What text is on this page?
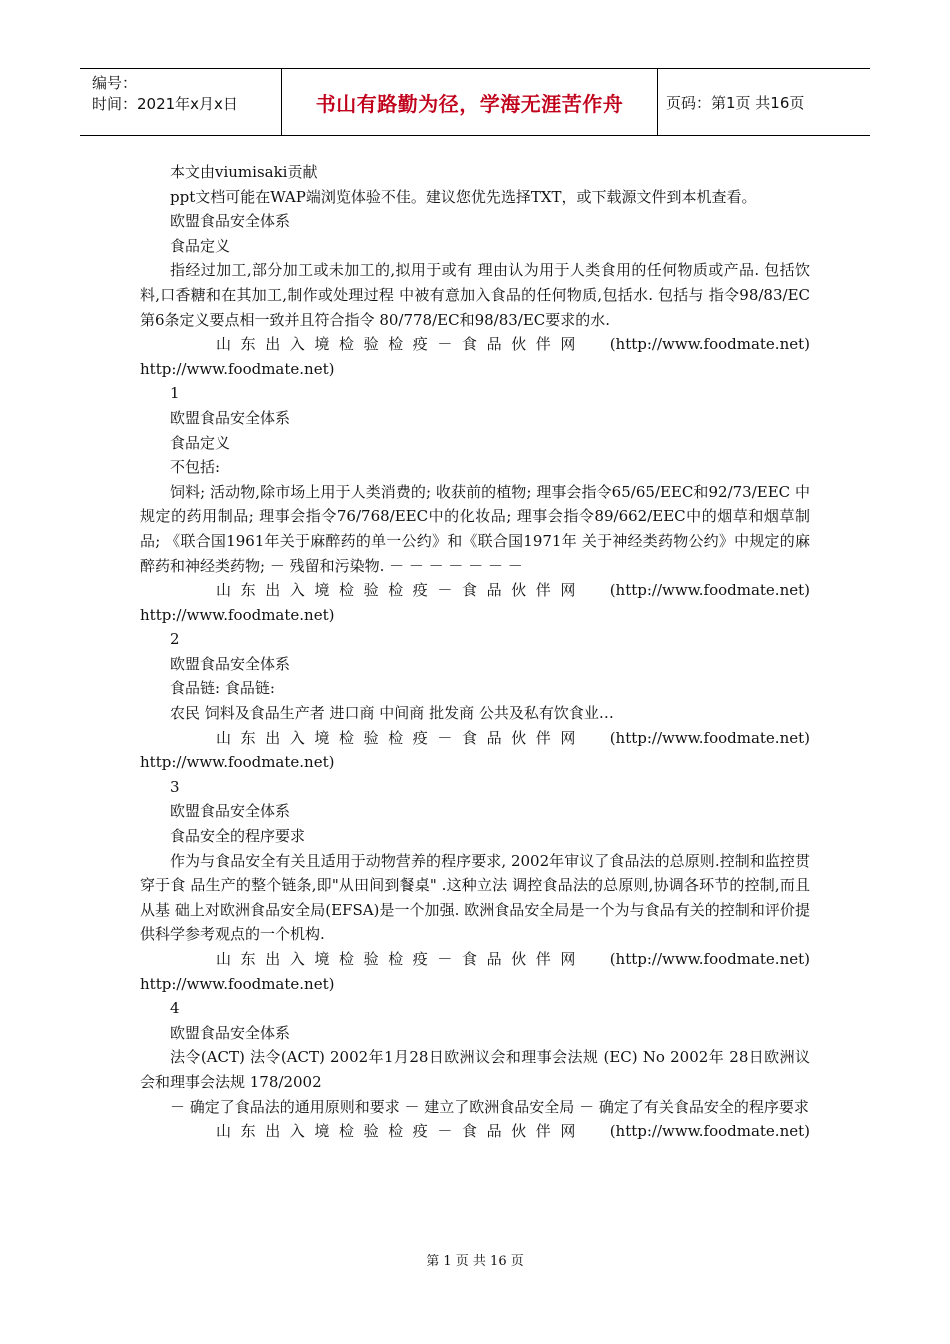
编号：
时间：2021年x月x日	书山有路勤为径，学海无涯苦作舟	页码：第1页 共16页

本文由viumisaki贡献

ppt文档可能在WAP端浏览体验不佳。建议您优先选择TXT，或下载源文件到本机查看。

欧盟食品安全体系

食品定义

指经过加工,部分加工或未加工的,拟用于或有 理由认为用于人类食用的任何物质或产品. 包括饮料,口香糖和在其加工,制作或处理过程 中被有意加入食品的任何物质,包括水. 包括与 指令98/83/EC第6条定义要点相一致并且符合指令 80/778/EC和98/83/EC要求的水.

山东出入境检验检疫－食品伙伴网 (http://www.foodmate.net)

http://www.foodmate.net)

1

欧盟食品安全体系

食品定义

不包括:

饲料; 活动物,除市场上用于人类消费的; 收获前的植物; 理事会指令65/65/EEC和92/73/EEC 中规定的药用制品; 理事会指令76/768/EEC中的化妆品; 理事会指令89/662/EEC中的烟草和烟草制品; 《联合国1961年关于麻醉药的单一公约》和《联合国1971年 关于神经类药物公约》中规定的麻醉药和神经类药物; － 残留和污染物. － － － － － － －

山东出入境检验检疫－食品伙伴网 (http://www.foodmate.net)

http://www.foodmate.net)

2

欧盟食品安全体系

食品链: 食品链:

农民 饲料及食品生产者 进口商 中间商 批发商 公共及私有饮食业…

山东出入境检验检疫－食品伙伴网 (http://www.foodmate.net)

http://www.foodmate.net)

3

欧盟食品安全体系

食品安全的程序要求

作为与食品安全有关且适用于动物营养的程序要求, 2002年审议了食品法的总原则.控制和监控贯穿于食 品生产的整个链条,即"从田间到餐桌" .这种立法 调控食品法的总原则,协调各环节的控制,而且从基 础上对欧洲食品安全局(EFSA)是一个加强. 欧洲食品安全局是一个为与食品有关的控制和评价提 供科学参考观点的一个机构.

山东出入境检验检疫－食品伙伴网 (http://www.foodmate.net)

http://www.foodmate.net)

4

欧盟食品安全体系

法令(ACT) 法令(ACT) 2002年1月28日欧洲议会和理事会法规 (EC) No 2002年 28日欧洲议会和理事会法规 178/2002

－ 确定了食品法的通用原则和要求 － 建立了欧洲食品安全局 － 确定了有关食品安全的程序要求

山东出入境检验检疫－食品伙伴网 (http://www.foodmate.net)
第 1 页 共 16 页
